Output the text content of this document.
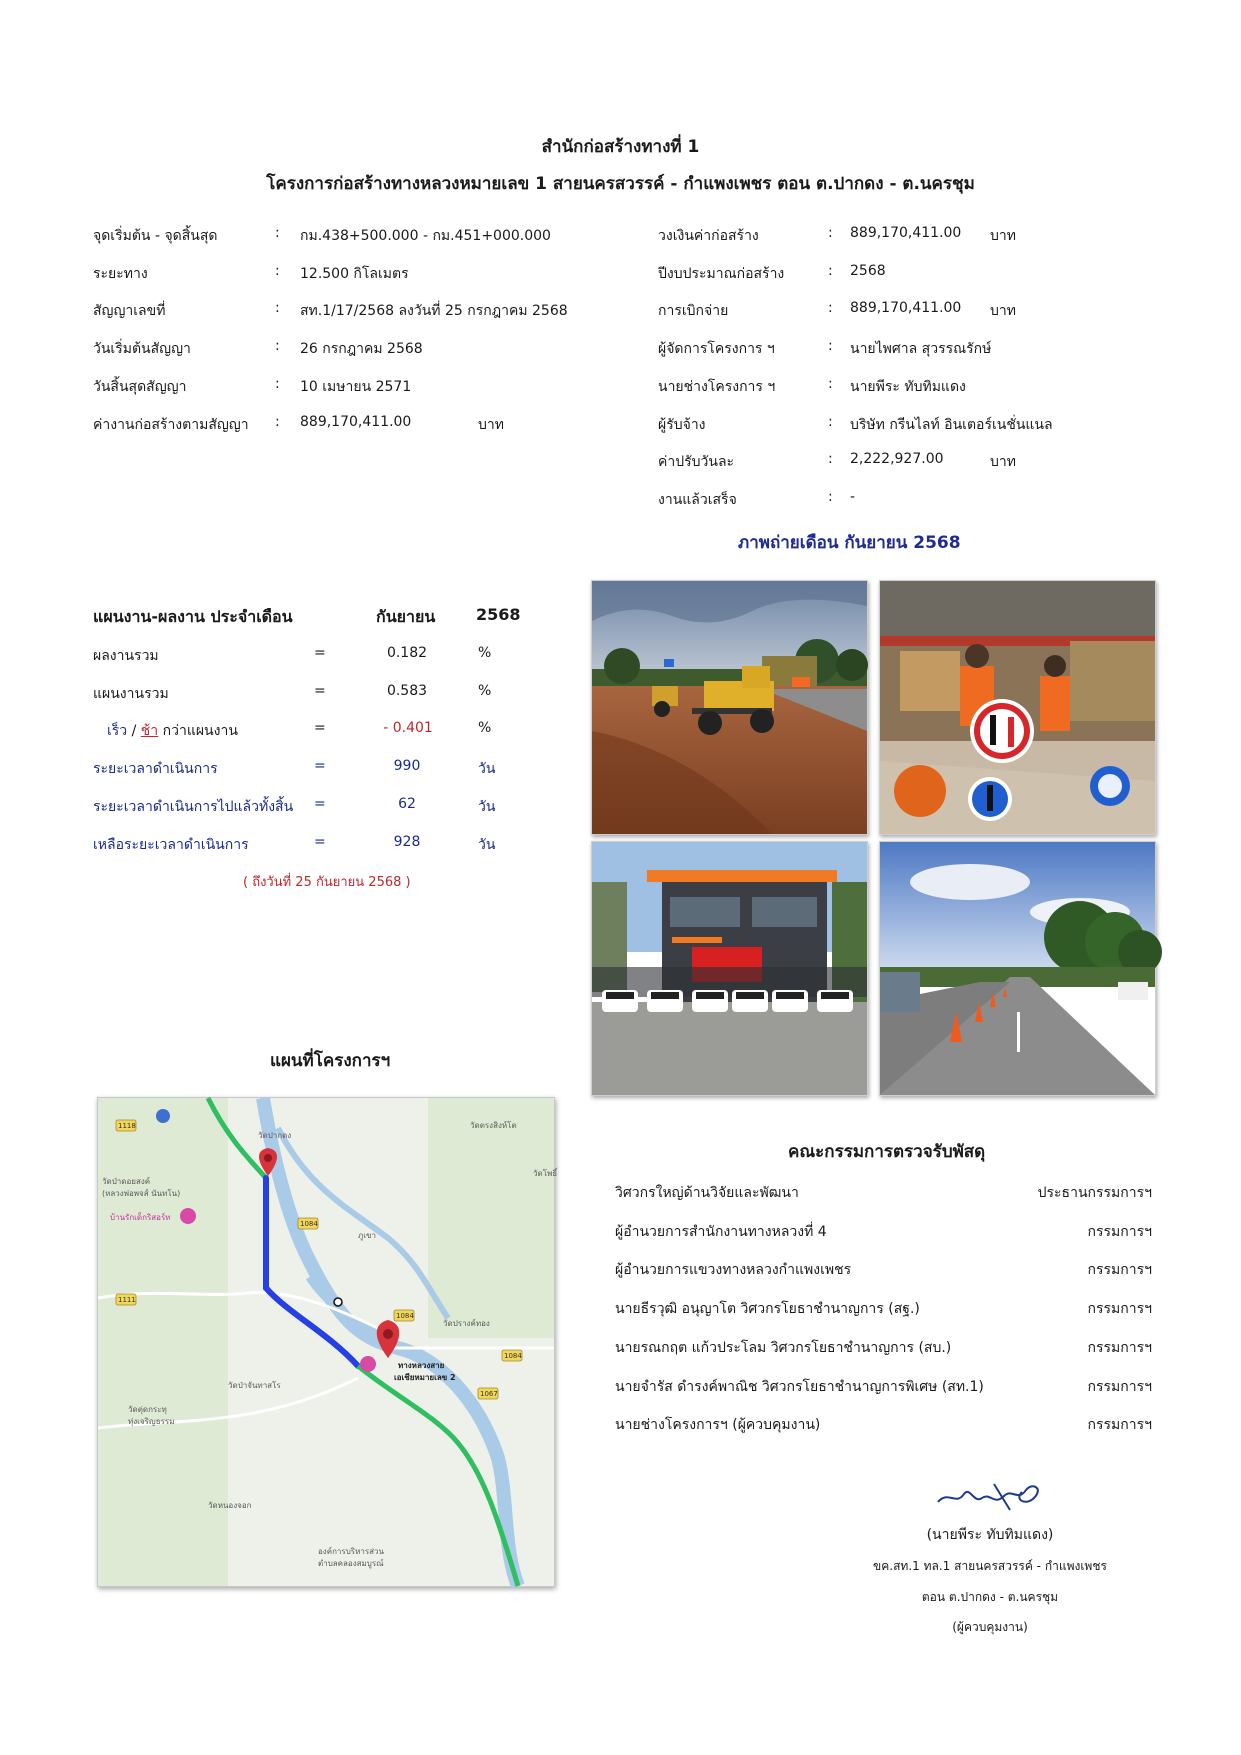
สำนักก่อสร้างทางที่ 1
โครงการก่อสร้างทางหลวงหมายเลข 1 สายนครสวรรค์ - กำแพงเพชร ตอน ต.ปากดง - ต.นครชุม
จุดเริ่มต้น - จุดสิ้นสุด	: กม.438+500.000 - กม.451+000.000
ระยะทาง	: 12.500 กิโลเมตร
สัญญาเลขที่	: สท.1/17/2568 ลงวันที่ 25 กรกฎาคม 2568
วันเริ่มต้นสัญญา	: 26 กรกฎาคม 2568
วันสิ้นสุดสัญญา	: 10 เมษายน 2571
ค่างานก่อสร้างตามสัญญา : 889,170,411.00	บาท
วงเงินค่าก่อสร้าง	: 889,170,411.00 บาท
ปีงบประมาณก่อสร้าง	: 2568
การเบิกจ่าย	: 889,170,411.00 บาท
ผู้จัดการโครงการ ฯ	: นายไพศาล สุวรรณรักษ์
นายช่างโครงการ ฯ	: นายพีระ ทับทิมแดง
ผู้รับจ้าง	: บริษัท กรีนไลท์ อินเตอร์เนชั่นแนล
ค่าปรับวันละ	: 2,222,927.00	บาท
งานแล้วเสร็จ	: -
ภาพถ่ายเดือน กันยายน 2568
แผนงาน-ผลงาน ประจำเดือน	กันยายน	2568
ผลงานรวม	=	0.182	%
แผนงานรวม	=	0.583	%
เร็ว / ช้า กว่าแผนงาน	=	- 0.401	%
ระยะเวลาดำเนินการ	=	990	วัน
ระยะเวลาดำเนินการไปแล้วทั้งสิ้น =	62	วัน
เหลือระยะเวลาดำเนินการ	=	928	วัน
( ถึงวันที่ 25 กันยายน 2568 )
แผนที่โครงการฯ
1118
1111
1084
1084
1067
1084
วัดตรงสิงห์โต
วัดโพธิ์
วัดป่าดอยสงค์
(หลวงพ่อพจส์ นันทโน)
บ้านรักเด็กริสอร์ท
วัดปรางค์ทอง
วัดป่าจันทาสโร
วัดตุ่ดกระทุ
ทุ่งเจริญธรรม
วัดหนองจอก
องค์การบริหารส่วน
ตำบลคลองสมบูรณ์
ทางหลวงสาย
เอเชียหมายเลข 2
ภูเขา
วัดปากดง
คณะกรรมการตรวจรับพัสดุ
วิศวกรใหญ่ด้านวิจัยและพัฒนา	ประธานกรรมการฯ
ผู้อำนวยการสำนักงานทางหลวงที่ 4	กรรมการฯ
ผู้อำนวยการแขวงทางหลวงกำแพงเพชร	กรรมการฯ
นายธีรวุฒิ อนุญาโต วิศวกรโยธาชำนาญการ (สฐ.)	กรรมการฯ
นายรณกฤต แก้วประโลม วิศวกรโยธาชำนาญการ (สบ.)	กรรมการฯ
นายจำรัส ดำรงค์พาณิช วิศวกรโยธาชำนาญการพิเศษ (สท.1)	กรรมการฯ
นายช่างโครงการฯ (ผู้ควบคุมงาน)	กรรมการฯ
(นายพีระ ทับทิมแดง)
ขค.สท.1 ทล.1 สายนครสวรรค์ - กำแพงเพชร
ตอน ต.ปากดง - ต.นครชุม
(ผู้ควบคุมงาน)
